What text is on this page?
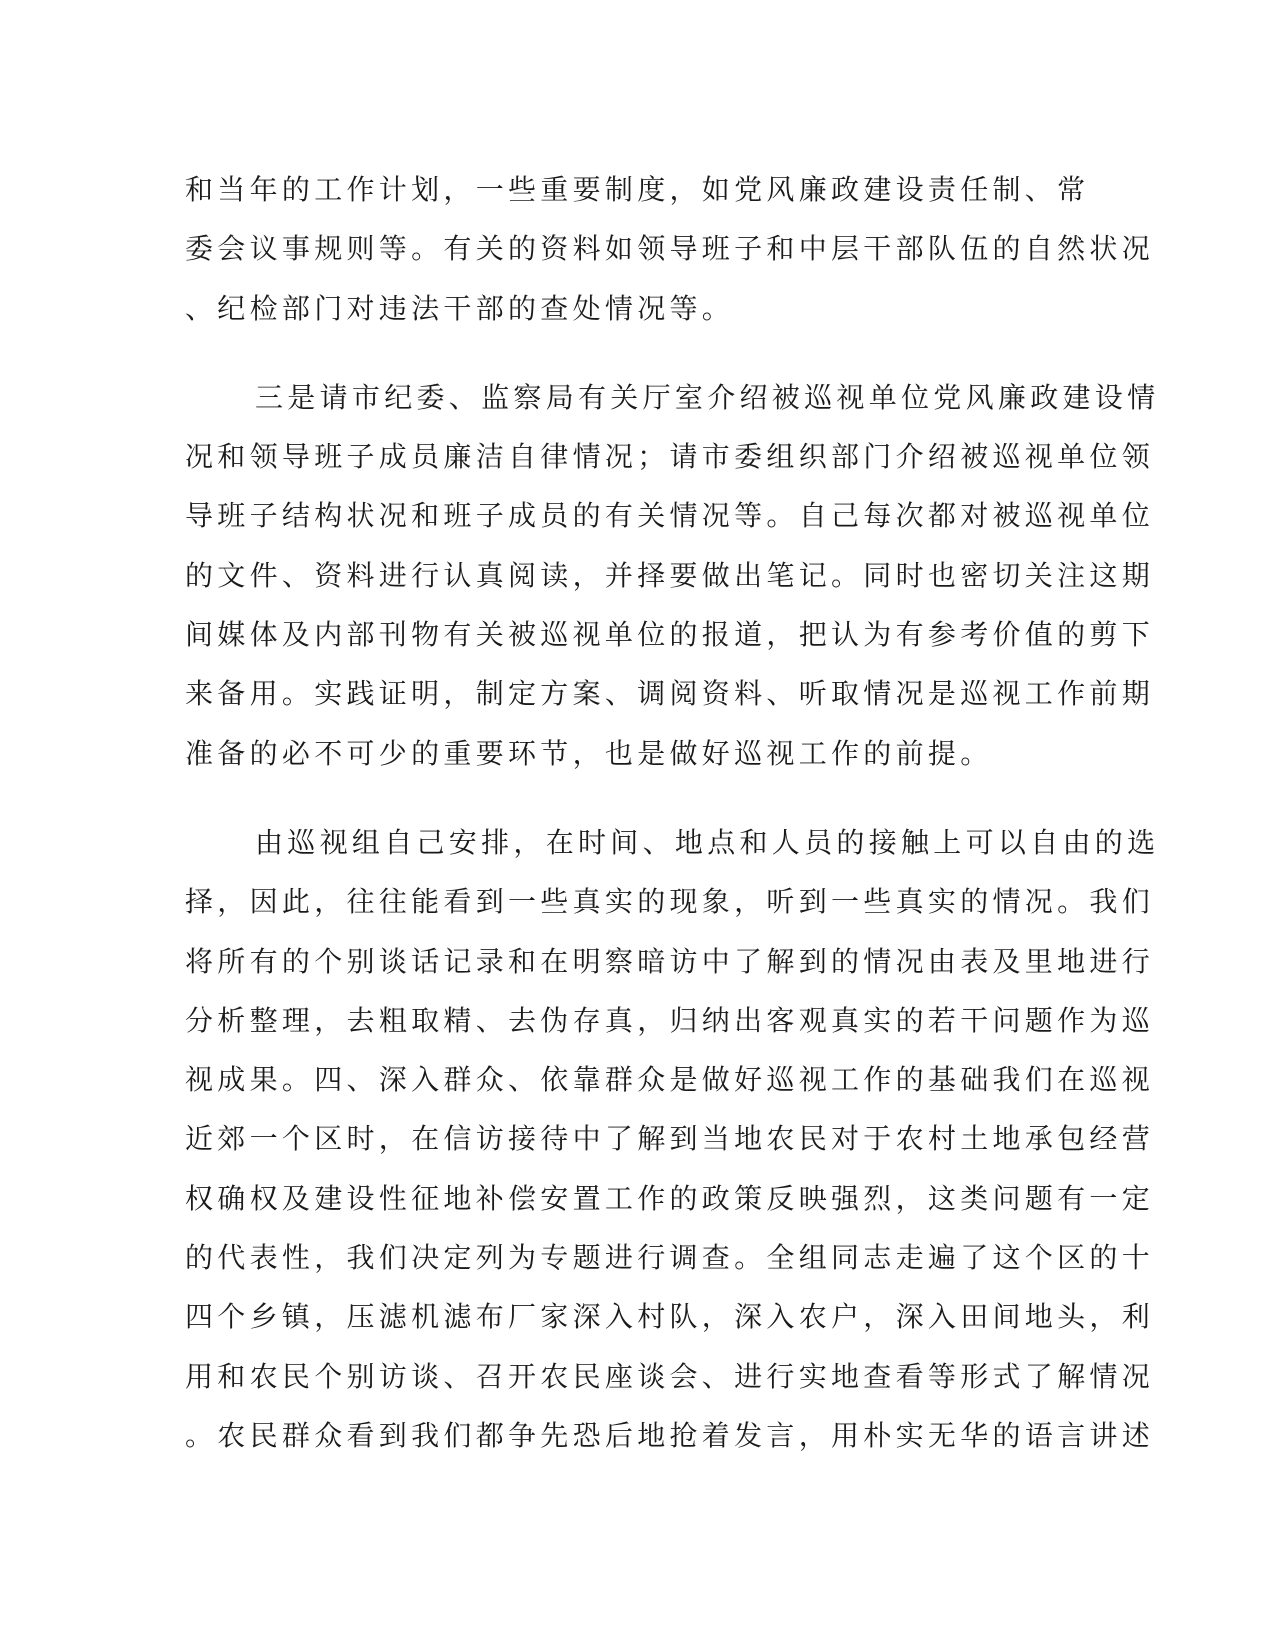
和当年的工作计划，一些重要制度，如党风廉政建设责任制、常
委会议事规则等。有关的资料如领导班子和中层干部队伍的自然状况
、纪检部门对违法干部的查处情况等。
三是请市纪委、监察局有关厅室介绍被巡视单位党风廉政建设情
况和领导班子成员廉洁自律情况；请市委组织部门介绍被巡视单位领
导班子结构状况和班子成员的有关情况等。自己每次都对被巡视单位
的文件、资料进行认真阅读，并择要做出笔记。同时也密切关注这期
间媒体及内部刊物有关被巡视单位的报道，把认为有参考价值的剪下
来备用。实践证明，制定方案、调阅资料、听取情况是巡视工作前期
准备的必不可少的重要环节，也是做好巡视工作的前提。
由巡视组自己安排，在时间、地点和人员的接触上可以自由的选
择，因此，往往能看到一些真实的现象，听到一些真实的情况。我们
将所有的个别谈话记录和在明察暗访中了解到的情况由表及里地进行
分析整理，去粗取精、去伪存真，归纳出客观真实的若干问题作为巡
视成果。四、深入群众、依靠群众是做好巡视工作的基础我们在巡视
近郊一个区时，在信访接待中了解到当地农民对于农村土地承包经营
权确权及建设性征地补偿安置工作的政策反映强烈，这类问题有一定
的代表性，我们决定列为专题进行调查。全组同志走遍了这个区的十
四个乡镇，压滤机滤布厂家深入村队，深入农户，深入田间地头，利
用和农民个别访谈、召开农民座谈会、进行实地查看等形式了解情况
。农民群众看到我们都争先恐后地抢着发言，用朴实无华的语言讲述
